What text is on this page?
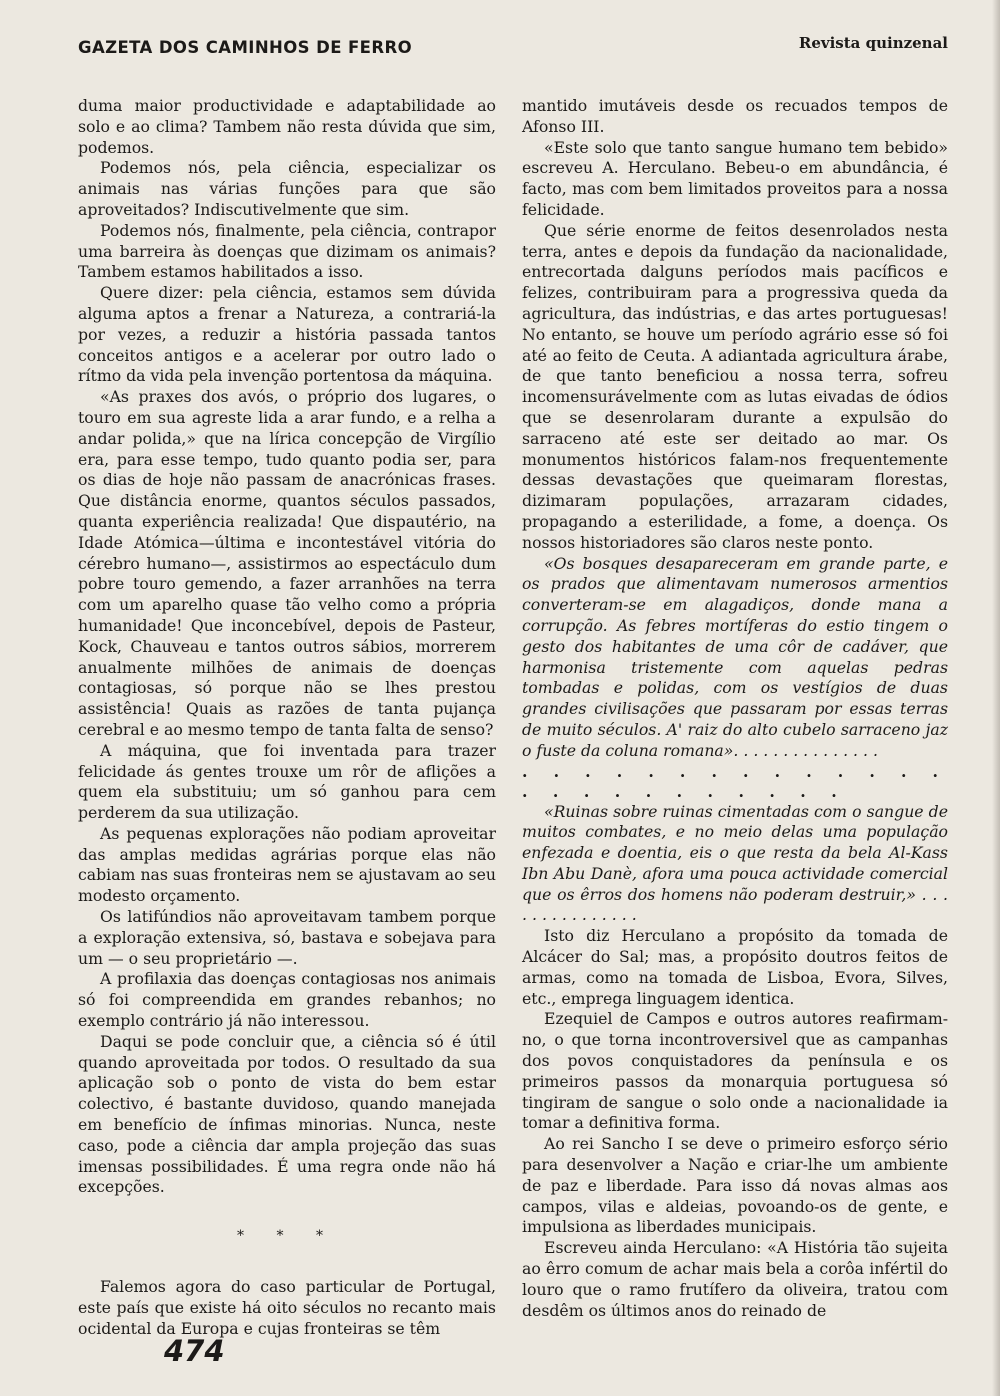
GAZETA DOS CAMINHOS DE FERRO	Revista quinzenal

duma maior productividade e adaptabilidade ao solo e ao clima? Tambem não resta dúvida que sim, podemos.

Podemos nós, pela ciência, especializar os animais nas várias funções para que são aproveitados? Indiscutivelmente que sim.

Podemos nós, finalmente, pela ciência, contrapor uma barreira às doenças que dizimam os animais? Tambem estamos habilitados a isso.

Quere dizer: pela ciência, estamos sem dúvida alguma aptos a frenar a Natureza, a contrariá-la por vezes, a reduzir a história passada tantos conceitos antigos e a acelerar por outro lado o rítmo da vida pela invenção portentosa da máquina.

«As praxes dos avós, o próprio dos lugares, o touro em sua agreste lida a arar fundo, e a relha a andar polida,» que na lírica concepção de Virgílio era, para esse tempo, tudo quanto podia ser, para os dias de hoje não passam de anacrónicas frases. Que distância enorme, quantos séculos passados, quanta experiência realizada! Que dispautério, na Idade Atómica—última e incontestável vitória do cérebro humano—, assistirmos ao espectáculo dum pobre touro gemendo, a fazer arranhões na terra com um aparelho quase tão velho como a própria humanidade! Que inconcebível, depois de Pasteur, Kock, Chauveau e tantos outros sábios, morrerem anualmente milhões de animais de doenças contagiosas, só porque não se lhes prestou assistência! Quais as razões de tanta pujança cerebral e ao mesmo tempo de tanta falta de senso?

A máquina, que foi inventada para trazer felicidade ás gentes trouxe um rôr de aflições a quem ela substituiu; um só ganhou para cem perderem da sua utilização.

As pequenas explorações não podiam aproveitar das amplas medidas agrárias porque elas não cabiam nas suas fronteiras nem se ajustavam ao seu modesto orçamento.

Os latifúndios não aproveitavam tambem porque a exploração extensiva, só, bastava e sobejava para um — o seu proprietário —.

A profilaxia das doenças contagiosas nos animais só foi compreendida em grandes rebanhos; no exemplo contrário já não interessou.

Daqui se pode concluir que, a ciência só é útil quando aproveitada por todos. O resultado da sua aplicação sob o ponto de vista do bem estar colectivo, é bastante duvidoso, quando manejada em benefício de ínfimas minorias. Nunca, neste caso, pode a ciência dar ampla projeção das suas imensas possibilidades. É uma regra onde não há excepções.

* * *

Falemos agora do caso particular de Portugal, este país que existe há oito séculos no recanto mais ocidental da Europa e cujas fronteiras se têm

mantido imutáveis desde os recuados tempos de Afonso III.

«Este solo que tanto sangue humano tem bebido» escreveu A. Herculano. Bebeu-o em abundância, é facto, mas com bem limitados proveitos para a nossa felicidade.

Que série enorme de feitos desenrolados nesta terra, antes e depois da fundação da nacionalidade, entrecortada dalguns períodos mais pacíficos e felizes, contribuiram para a progressiva queda da agricultura, das indústrias, e das artes portuguesas! No entanto, se houve um período agrário esse só foi até ao feito de Ceuta. A adiantada agricultura árabe, de que tanto beneficiou a nossa terra, sofreu incomensurávelmente com as lutas eivadas de ódios que se desenrolaram durante a expulsão do sarraceno até este ser deitado ao mar. Os monumentos históricos falam-nos frequentemente dessas devastações que queimaram florestas, dizimaram populações, arrazaram cidades, propagando a esterilidade, a fome, a doença. Os nossos historiadores são claros neste ponto.

«Os bosques desapareceram em grande parte, e os prados que alimentavam numerosos armentios converteram-se em alagadiços, donde mana a corrupção. As febres mortíferas do estio tingem o gesto dos habitantes de uma côr de cadáver, que harmonisa tristemente com aquelas pedras tombadas e polidas, com os vestígios de duas grandes civilisações que passaram por essas terras de muito séculos. A' raiz do alto cubelo sarraceno jaz o fuste da coluna romana». . . . . . . . . . . . . . .

. . . . . . . . . . . . . . . . . . . . . . . . .

«Ruinas sobre ruinas cimentadas com o sangue de muitos combates, e no meio delas uma população enfezada e doentia, eis o que resta da bela Al-Kass Ibn Abu Danè, afora uma pouca actividade comercial que os êrros dos homens não poderam destruir,» . . . . . . . . . . . . . . .

Isto diz Herculano a propósito da tomada de Alcácer do Sal; mas, a propósito doutros feitos de armas, como na tomada de Lisboa, Evora, Silves, etc., emprega linguagem identica.

Ezequiel de Campos e outros autores reafirmam-no, o que torna incontroversivel que as campanhas dos povos conquistadores da península e os primeiros passos da monarquia portuguesa só tingiram de sangue o solo onde a nacionalidade ia tomar a definitiva forma.

Ao rei Sancho I se deve o primeiro esforço sério para desenvolver a Nação e criar-lhe um ambiente de paz e liberdade. Para isso dá novas almas aos campos, vilas e aldeias, povoando-os de gente, e impulsiona as liberdades municipais.

Escreveu ainda Herculano: «A História tão sujeita ao êrro comum de achar mais bela a corôa infértil do louro que o ramo frutífero da oliveira, tratou com desdêm os últimos anos do reinado de

474
